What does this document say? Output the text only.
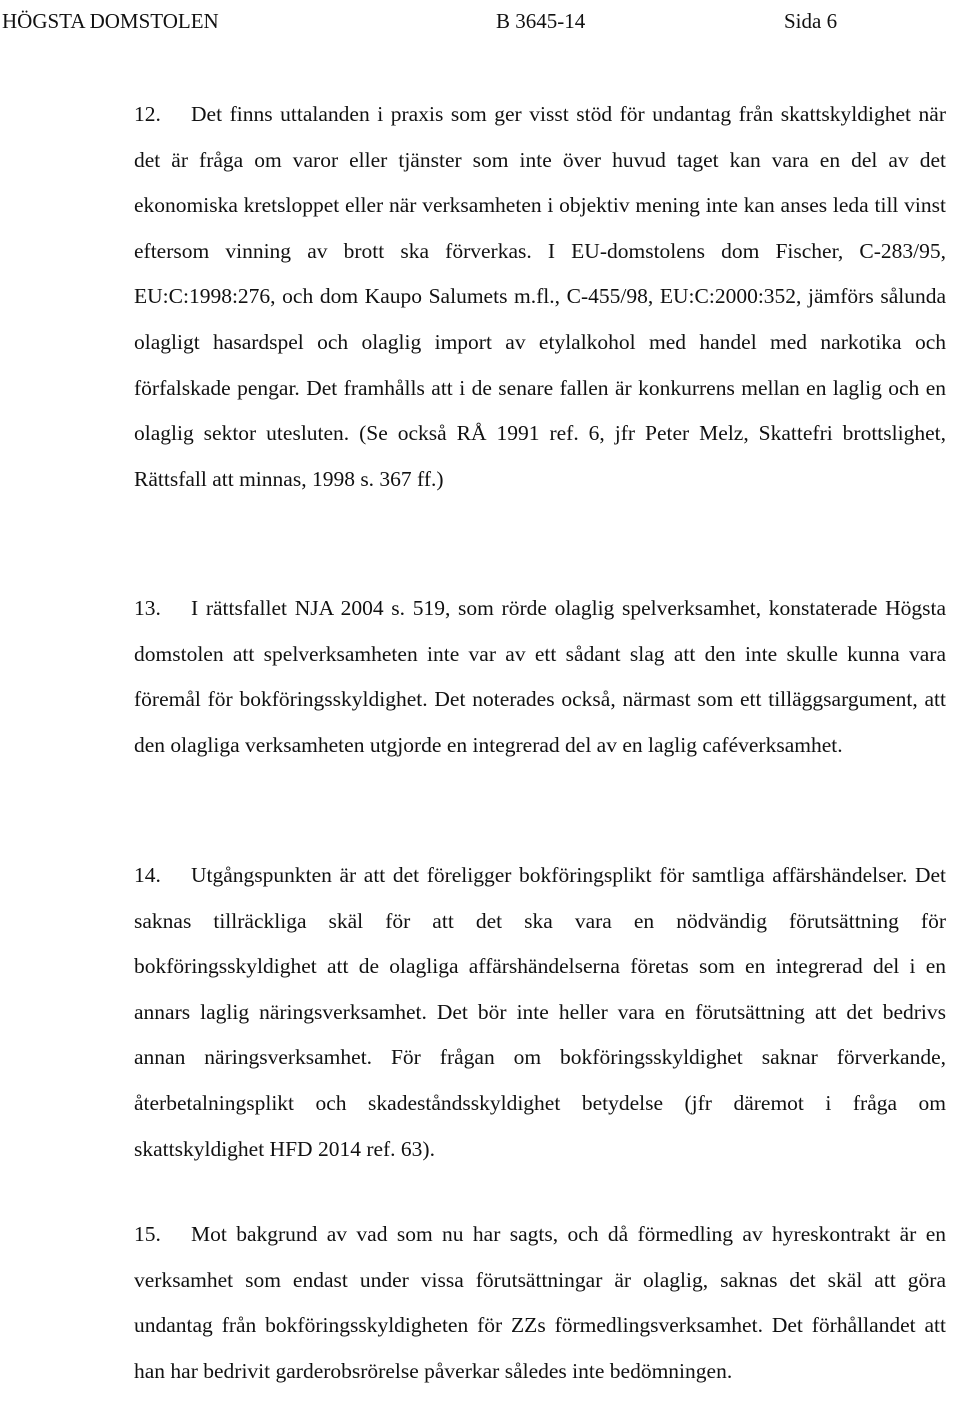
HÖGSTA DOMSTOLEN	B 3645-14	Sida 6

12. Det finns uttalanden i praxis som ger visst stöd för undantag från skattskyldighet när det är fråga om varor eller tjänster som inte över huvud taget kan vara en del av det ekonomiska kretsloppet eller när verksamheten i objektiv mening inte kan anses leda till vinst eftersom vinning av brott ska förverkas. I EU-domstolens dom Fischer, C-283/95, EU:C:1998:276, och dom Kaupo Salumets m.fl., C-455/98, EU:C:2000:352, jämförs sålunda olagligt hasardspel och olaglig import av etylalkohol med handel med narkotika och förfalskade pengar. Det framhålls att i de senare fallen är konkurrens mellan en laglig och en olaglig sektor utesluten. (Se också RÅ 1991 ref. 6, jfr Peter Melz, Skattefri brottslighet, Rättsfall att minnas, 1998 s. 367 ff.)

13. I rättsfallet NJA 2004 s. 519, som rörde olaglig spelverksamhet, konstaterade Högsta domstolen att spelverksamheten inte var av ett sådant slag att den inte skulle kunna vara föremål för bokföringsskyldighet. Det noterades också, närmast som ett tilläggsargument, att den olagliga verksamheten utgjorde en integrerad del av en laglig caféverksamhet.

14. Utgångspunkten är att det föreligger bokföringsplikt för samtliga affärshändelser. Det saknas tillräckliga skäl för att det ska vara en nödvändig förutsättning för bokföringsskyldighet att de olagliga affärshändelserna företas som en integrerad del i en annars laglig näringsverksamhet. Det bör inte heller vara en förutsättning att det bedrivs annan näringsverksamhet. För frågan om bokföringsskyldighet saknar förverkande, återbetalningsplikt och skadeståndsskyldighet betydelse (jfr däremot i fråga om skattskyldighet HFD 2014 ref. 63).

15. Mot bakgrund av vad som nu har sagts, och då förmedling av hyreskontrakt är en verksamhet som endast under vissa förutsättningar är olaglig, saknas det skäl att göra undantag från bokföringsskyldigheten för ZZs förmedlingsverksamhet. Det förhållandet att han har bedrivit garderobsrörelse påverkar således inte bedömningen.
